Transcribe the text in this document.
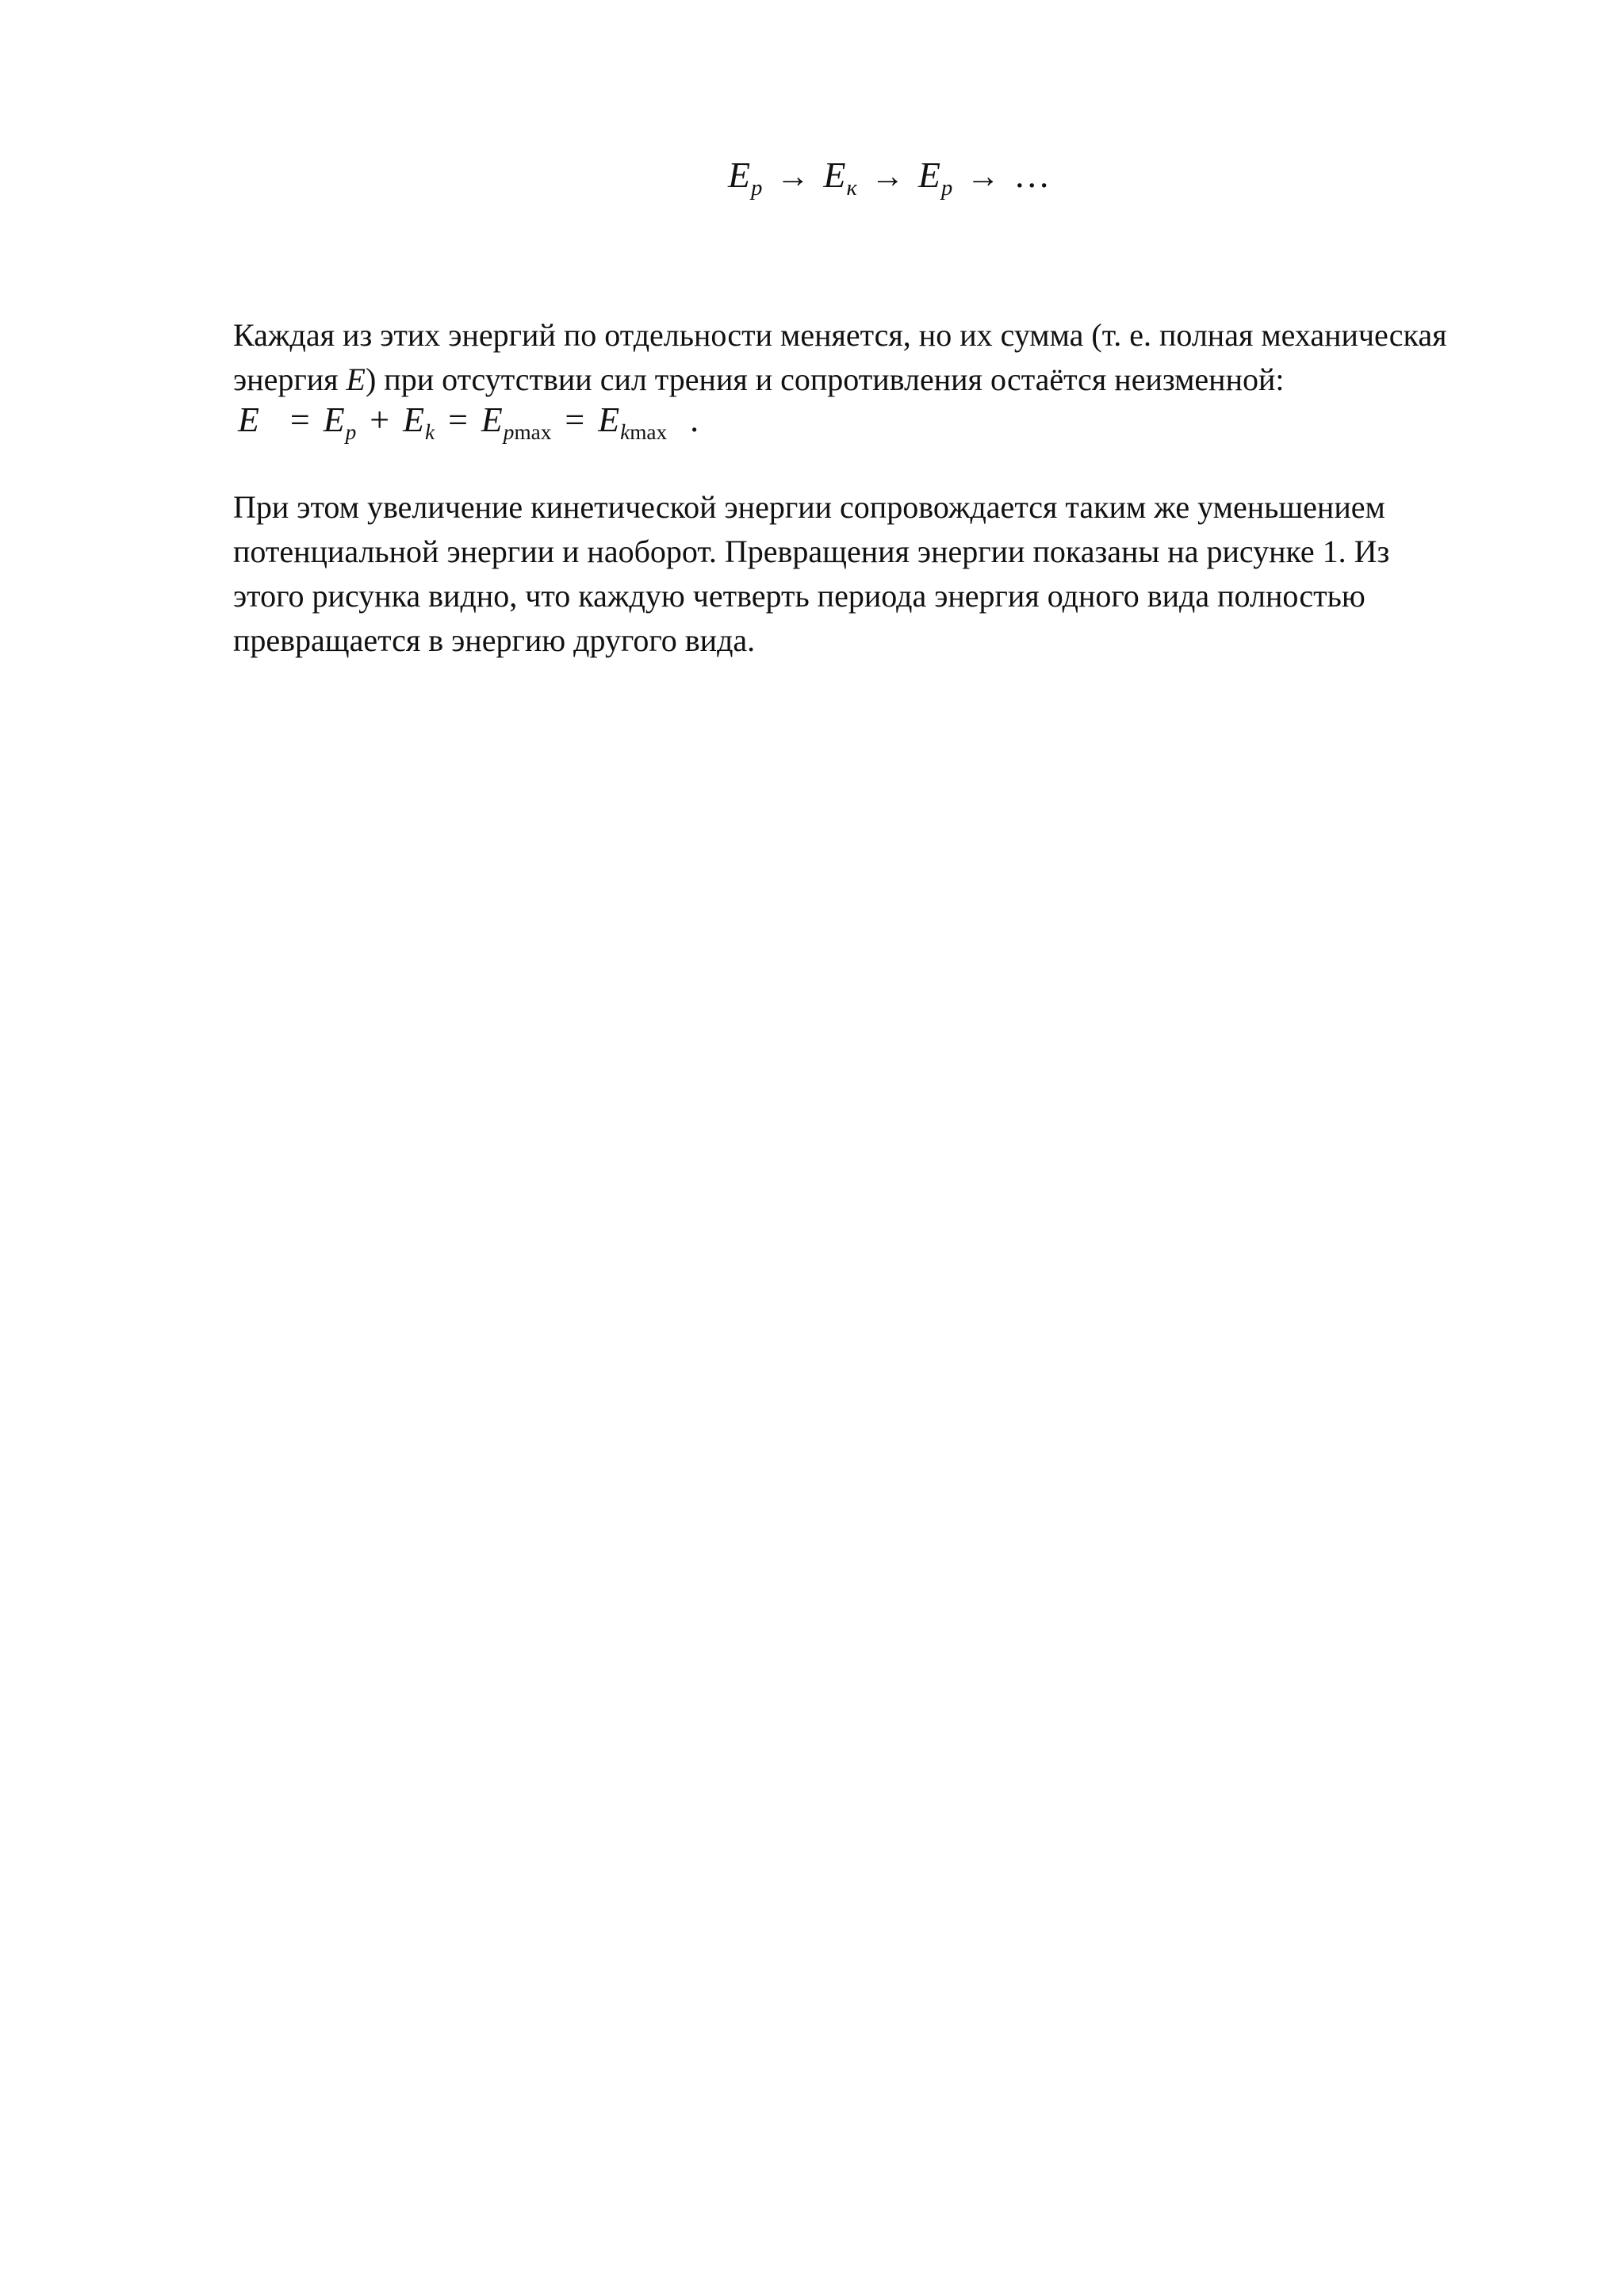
$E_p \to E_к \to E_p$ → …
Каждая из этих энергий по отдельности меняется, но их сумма (т. е. полная механическая
энергия E) при отсутствии сил трения и сопротивления остаётся неизменной:
$E = E_p + E_k = E_{pmax} = E_{kmax}$ .
При этом увеличение кинетической энергии сопровождается таким же уменьшением
потенциальной энергии и наоборот. Превращения энергии показаны на рисунке 1. Из
этого рисунка видно, что каждую четверть периода энергия одного вида полностью
превращается в энергию другого вида.
